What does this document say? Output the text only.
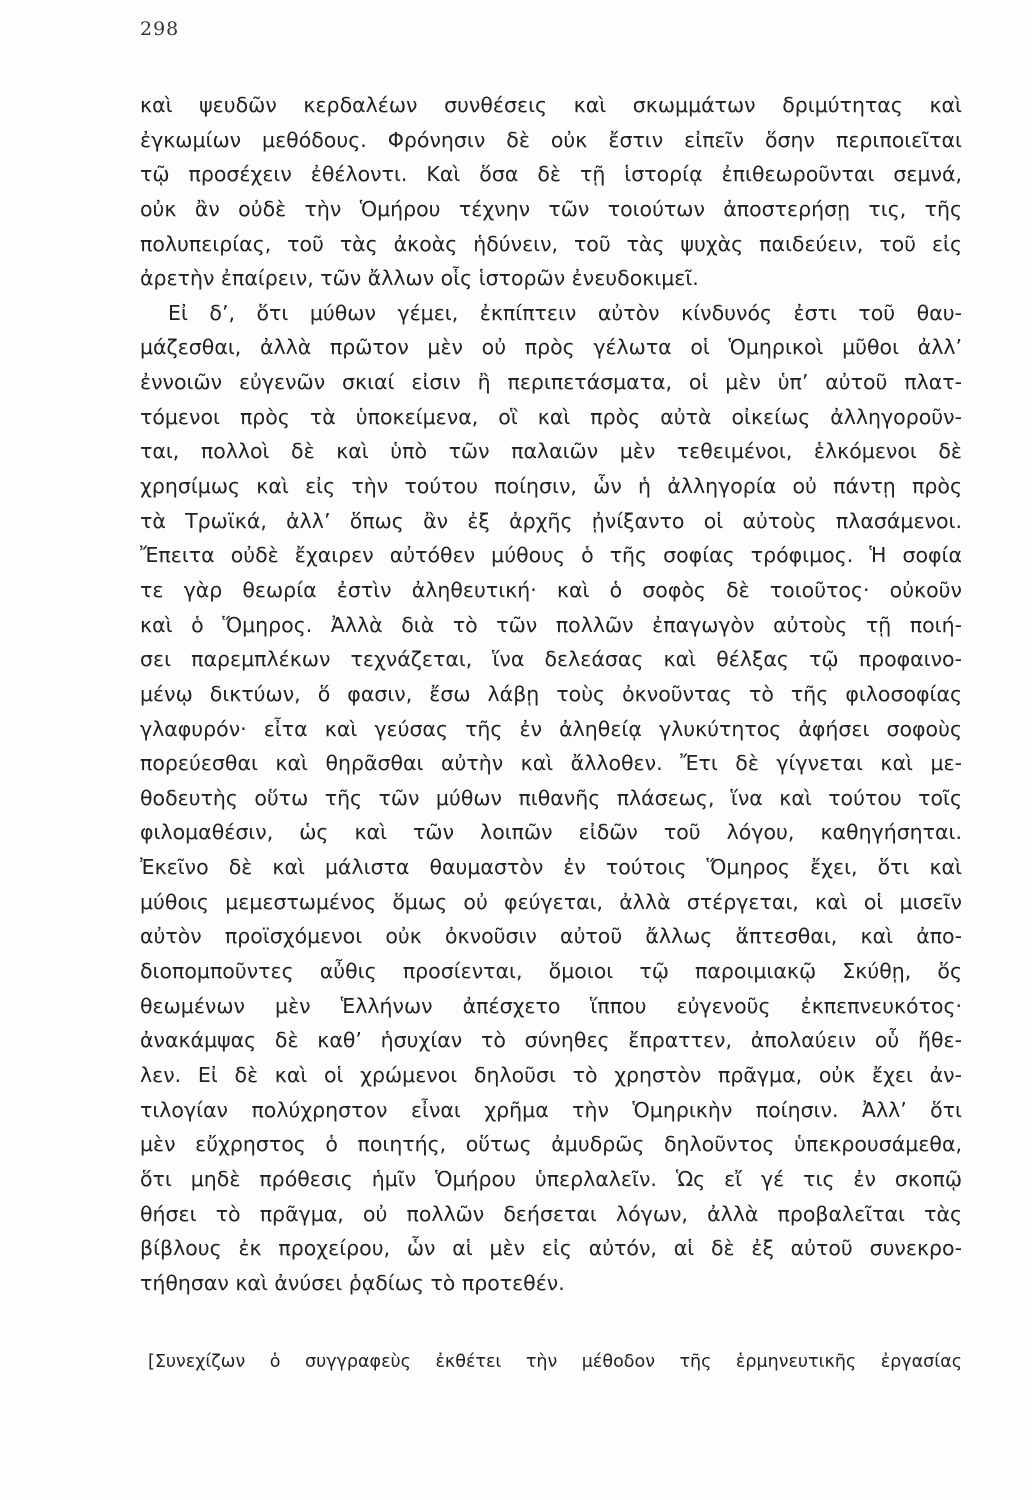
298
καὶ ψευδῶν κερδαλέων συνθέσεις καὶ σκωμμάτων δριμύτητας καὶ
ἐγκωμίων μεθόδους. Φρόνησιν δὲ οὐκ ἔστιν εἰπεῖν ὅσην περιποιεῖται
τῷ προσέχειν ἐθέλοντι. Καὶ ὅσα δὲ τῇ ἱστορίᾳ ἐπιθεωροῦνται σεμνά,
οὐκ ἂν οὐδὲ τὴν Ὁμήρου τέχνην τῶν τοιούτων ἀποστερήσῃ τις, τῆς
πολυπειρίας, τοῦ τὰς ἀκοὰς ἡδύνειν, τοῦ τὰς ψυχὰς παιδεύειν, τοῦ εἰς
ἀρετὴν ἐπαίρειν, τῶν ἄλλων οἷς ἱστορῶν ἐνευδοκιμεῖ.
Εἰ δ’, ὅτι μύθων γέμει, ἐκπίπτειν αὐτὸν κίνδυνός ἐστι τοῦ θαυ-
μάζεσθαι, ἀλλὰ πρῶτον μὲν οὐ πρὸς γέλωτα οἱ Ὁμηρικοὶ μῦθοι ἀλλ’
ἐννοιῶν εὐγενῶν σκιαί εἰσιν ἢ περιπετάσματα, οἱ μὲν ὑπ’ αὐτοῦ πλατ-
τόμενοι πρὸς τὰ ὑποκείμενα, οἳ καὶ πρὸς αὐτὰ οἰκείως ἀλληγοροῦν-
ται, πολλοὶ δὲ καὶ ὑπὸ τῶν παλαιῶν μὲν τεθειμένοι, ἑλκόμενοι δὲ
χρησίμως καὶ εἰς τὴν τούτου ποίησιν, ὧν ἡ ἀλληγορία οὐ πάντῃ πρὸς
τὰ Τρωϊκά, ἀλλ’ ὅπως ἂν ἐξ ἀρχῆς ᾐνίξαντο οἱ αὐτοὺς πλασάμενοι.
Ἔπειτα οὐδὲ ἔχαιρεν αὐτόθεν μύθους ὁ τῆς σοφίας τρόφιμος. Ἡ σοφία
τε γὰρ θεωρία ἐστὶν ἀληθευτική· καὶ ὁ σοφὸς δὲ τοιοῦτος· οὐκοῦν
καὶ ὁ Ὅμηρος. Ἀλλὰ διὰ τὸ τῶν πολλῶν ἐπαγωγὸν αὐτοὺς τῇ ποιή-
σει παρεμπλέκων τεχνάζεται, ἵνα δελεάσας καὶ θέλξας τῷ προφαινο-
μένῳ δικτύων, ὅ φασιν, ἔσω λάβῃ τοὺς ὀκνοῦντας τὸ τῆς φιλοσοφίας
γλαφυρόν· εἶτα καὶ γεύσας τῆς ἐν ἀληθείᾳ γλυκύτητος ἀφήσει σοφοὺς
πορεύεσθαι καὶ θηρᾶσθαι αὐτὴν καὶ ἄλλοθεν. Ἔτι δὲ γίγνεται καὶ με-
θοδευτὴς οὕτω τῆς τῶν μύθων πιθανῆς πλάσεως, ἵνα καὶ τούτου τοῖς
φιλομαθέσιν, ὡς καὶ τῶν λοιπῶν εἰδῶν τοῦ λόγου, καθηγήσηται.
Ἐκεῖνο δὲ καὶ μάλιστα θαυμαστὸν ἐν τούτοις Ὅμηρος ἔχει, ὅτι καὶ
μύθοις μεμεστωμένος ὅμως οὐ φεύγεται, ἀλλὰ στέργεται, καὶ οἱ μισεῖν
αὐτὸν προϊσχόμενοι οὐκ ὀκνοῦσιν αὐτοῦ ἄλλως ἅπτεσθαι, καὶ ἀπο-
διοπομποῦντες αὖθις προσίενται, ὅμοιοι τῷ παροιμιακῷ Σκύθῃ, ὅς
θεωμένων μὲν Ἑλλήνων ἀπέσχετο ἵππου εὐγενοῦς ἐκπεπνευκότος·
ἀνακάμψας δὲ καθ’ ἡσυχίαν τὸ σύνηθες ἔπραττεν, ἀπολαύειν οὗ ἤθε-
λεν. Εἰ δὲ καὶ οἱ χρώμενοι δηλοῦσι τὸ χρηστὸν πρᾶγμα, οὐκ ἔχει ἀν-
τιλογίαν πολύχρηστον εἶναι χρῆμα τὴν Ὁμηρικὴν ποίησιν. Ἀλλ’ ὅτι
μὲν εὔχρηστος ὁ ποιητής, οὕτως ἀμυδρῶς δηλοῦντος ὑπεκρουσάμεθα,
ὅτι μηδὲ πρόθεσις ἡμῖν Ὁμήρου ὑπερλαλεῖν. Ὡς εἴ γέ τις ἐν σκοπῷ
θήσει τὸ πρᾶγμα, οὐ πολλῶν δεήσεται λόγων, ἀλλὰ προβαλεῖται τὰς
βίβλους ἐκ προχείρου, ὧν αἱ μὲν εἰς αὐτόν, αἱ δὲ ἐξ αὐτοῦ συνεκρο-
τήθησαν καὶ ἀνύσει ῥᾳδίως τὸ προτεθέν.
[Συνεχίζων ὁ συγγραφεὺς ἐκθέτει τὴν μέθοδον τῆς ἑρμηνευτικῆς ἐργασίας
